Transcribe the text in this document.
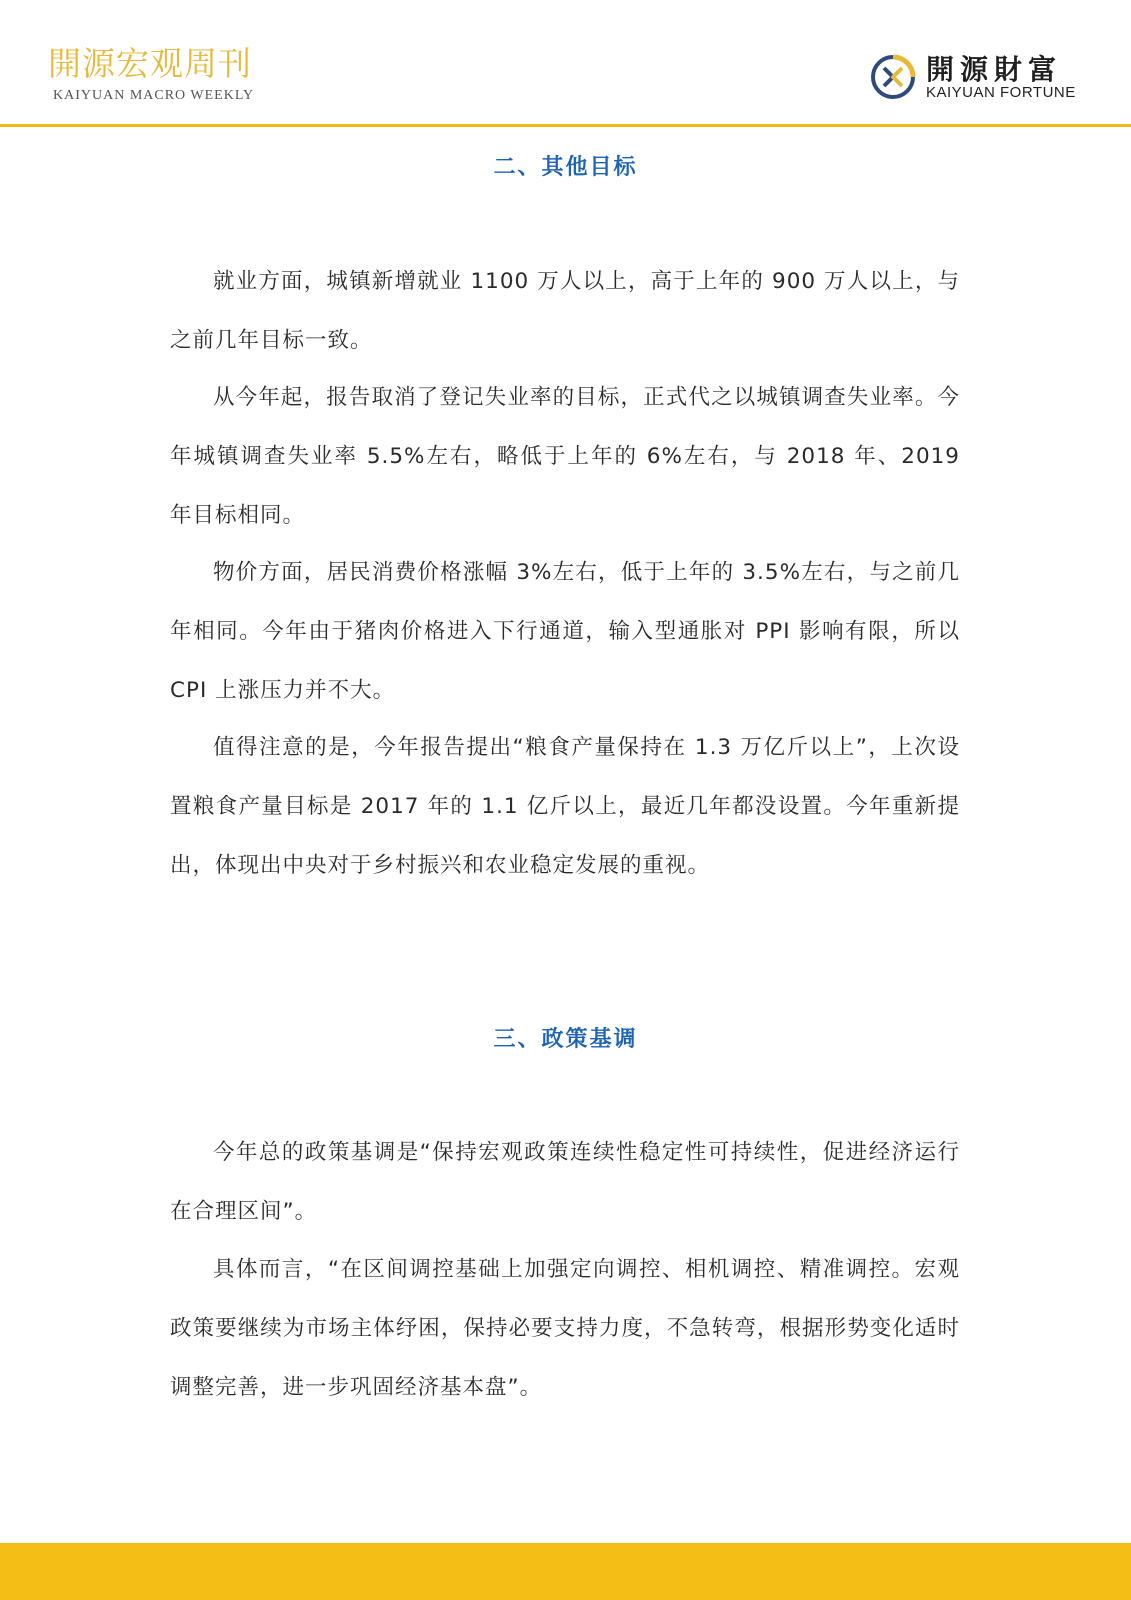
開源宏观周刊
KAIYUAN MACRO WEEKLY
開源財富
KAIYUAN FORTUNE
二、其他目标

就业方面，城镇新增就业 1100 万人以上，高于上年的 900 万人以上，与之前几年目标一致。

从今年起，报告取消了登记失业率的目标，正式代之以城镇调查失业率。今年城镇调查失业率 5.5%左右，略低于上年的 6%左右，与 2018 年、2019 年目标相同。

物价方面，居民消费价格涨幅 3%左右，低于上年的 3.5%左右，与之前几年相同。今年由于猪肉价格进入下行通道，输入型通胀对 PPI 影响有限，所以 CPI 上涨压力并不大。

值得注意的是，今年报告提出“粮食产量保持在 1.3 万亿斤以上”，上次设置粮食产量目标是 2017 年的 1.1 亿斤以上，最近几年都没设置。今年重新提出，体现出中央对于乡村振兴和农业稳定发展的重视。

三、政策基调

今年总的政策基调是“保持宏观政策连续性稳定性可持续性，促进经济运行在合理区间”。

具体而言，“在区间调控基础上加强定向调控、相机调控、精准调控。宏观政策要继续为市场主体纾困，保持必要支持力度，不急转弯，根据形势变化适时调整完善，进一步巩固经济基本盘”。
